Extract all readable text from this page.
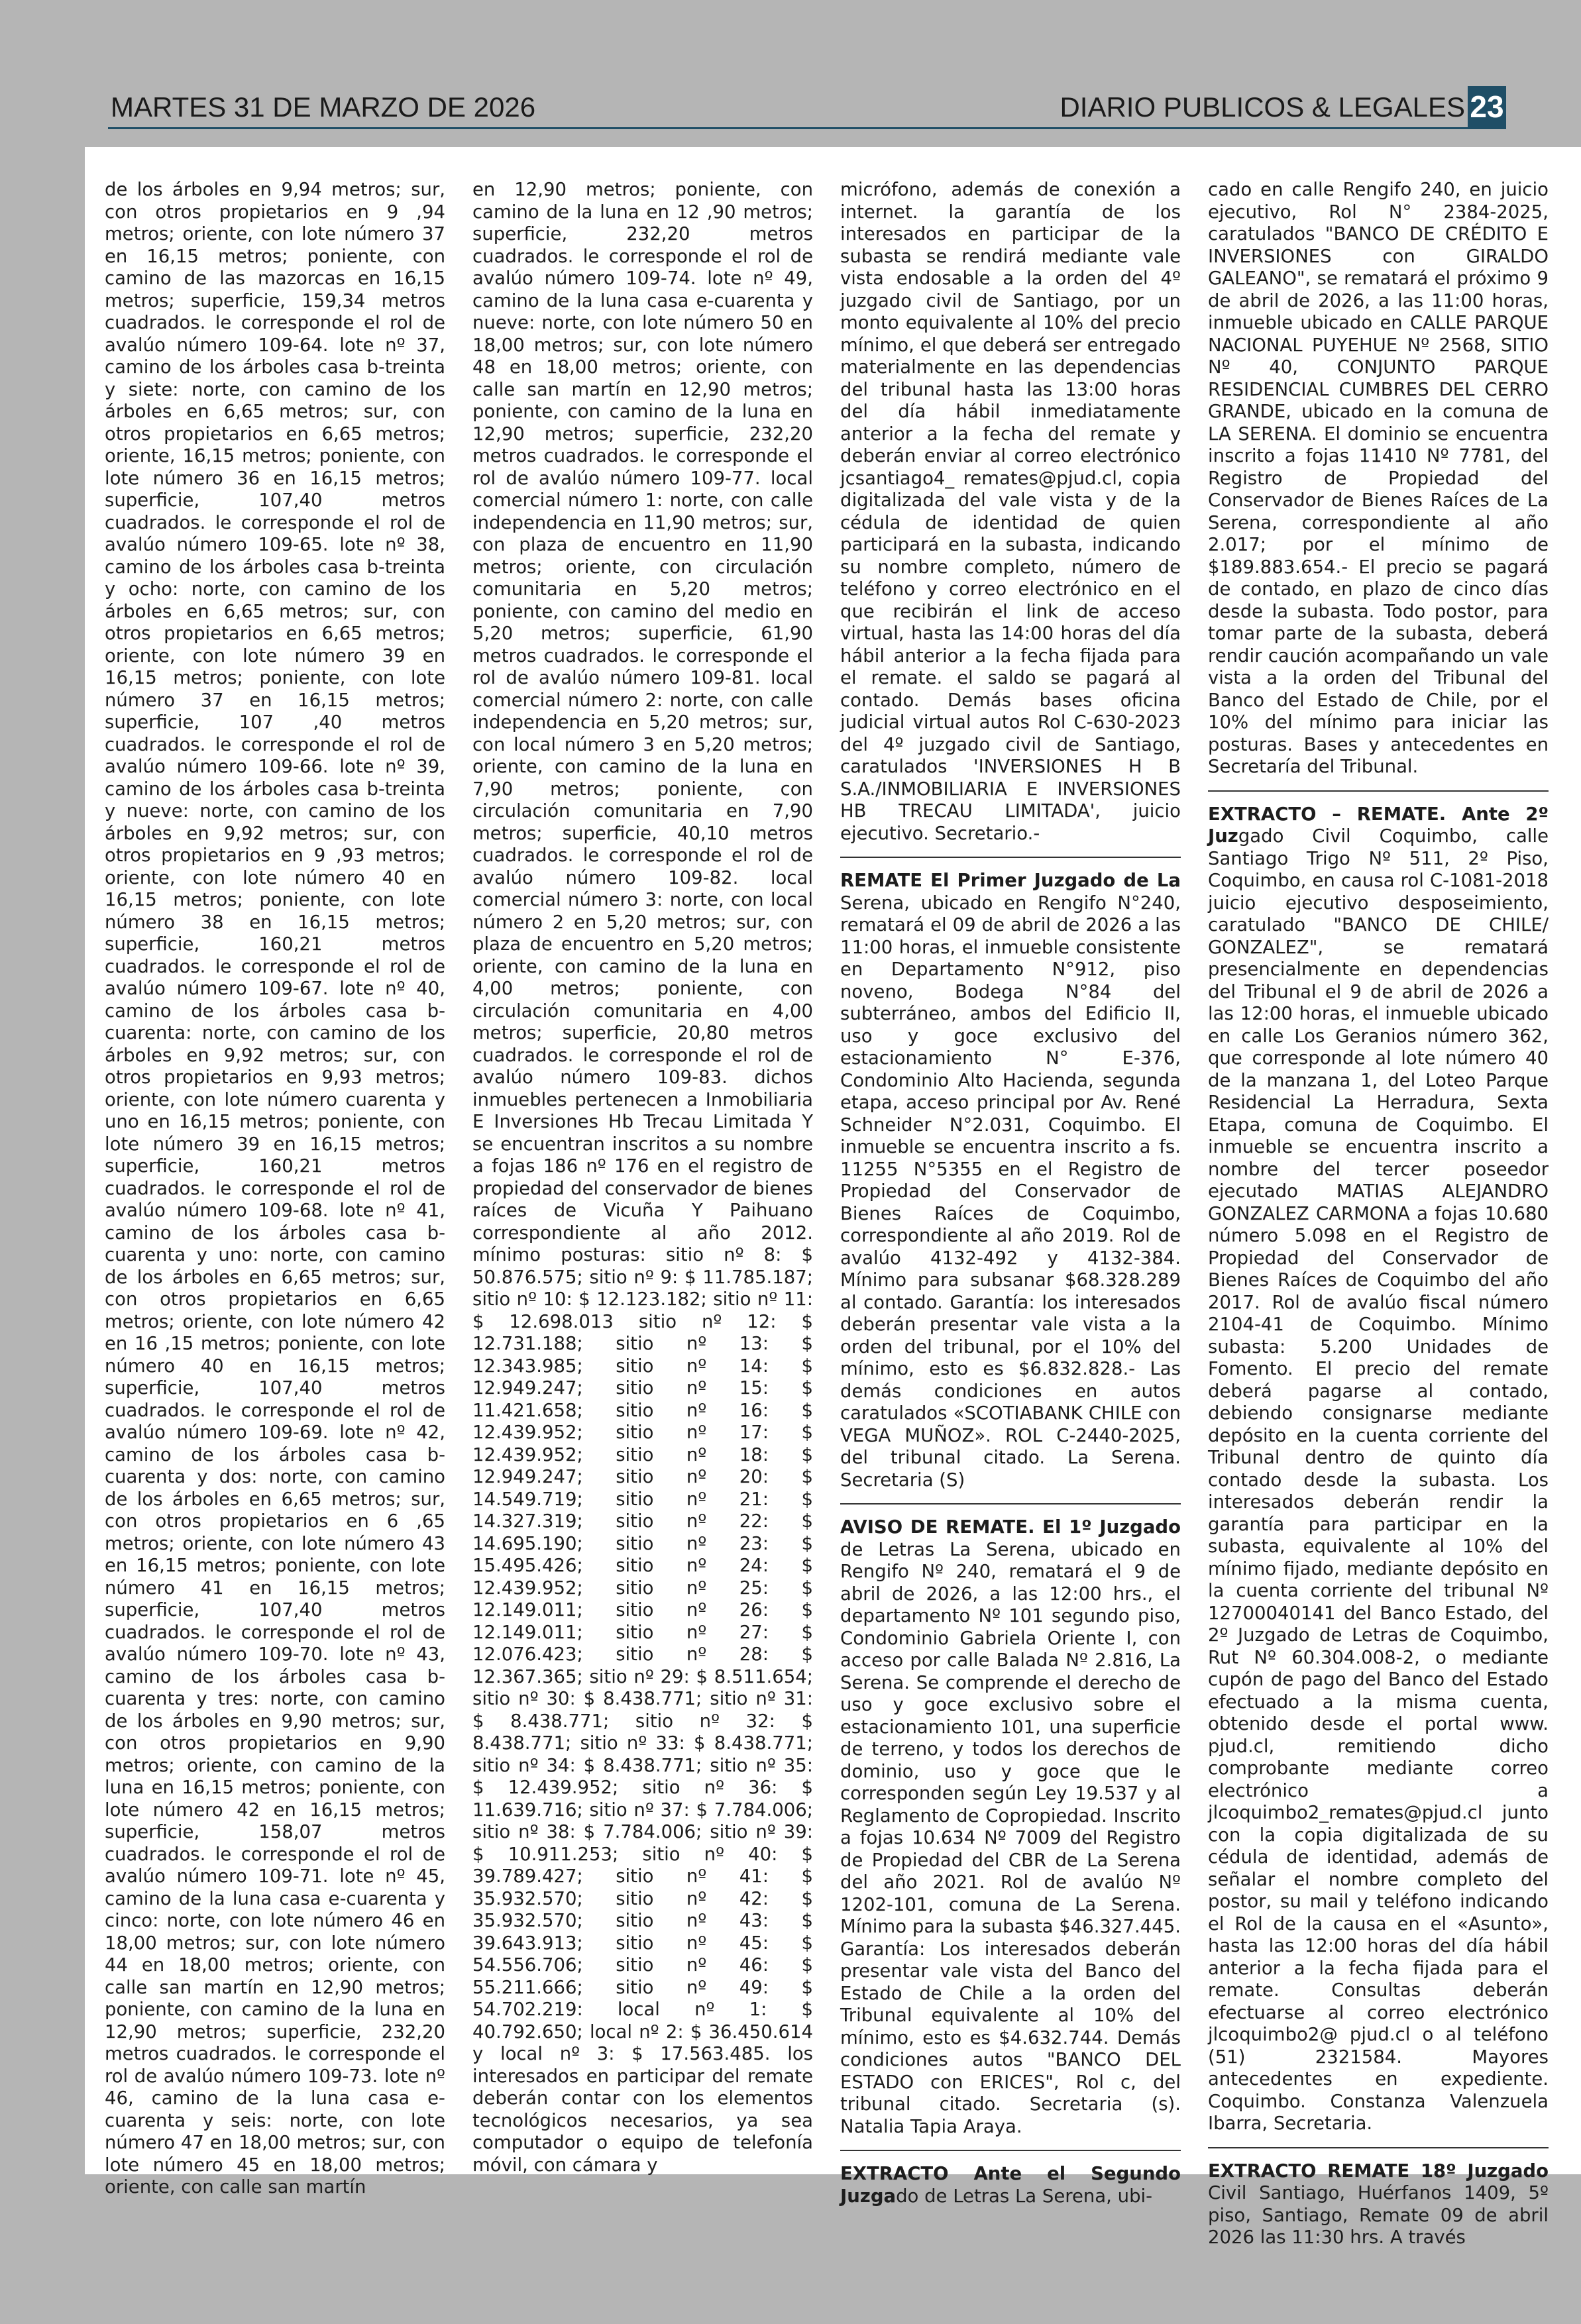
MARTES 31 DE MARZO DE 2026	DIARIO PUBLICOS & LEGALES 23

de los árboles en 9,94 metros; sur, con otros propietarios en 9 ,94 metros; oriente, con lote número 37 en 16,15 metros; poniente, con camino de las mazorcas en 16,15 metros; superficie, 159,34 metros cuadrados. le corresponde el rol de avalúo número 109-64. lote nº 37, camino de los árboles casa b-treinta y siete: norte, con camino de los árboles en 6,65 metros; sur, con otros propietarios en 6,65 metros; oriente, 16,15 metros; poniente, con lote número 36 en 16,15 metros; superficie, 107,40 metros cuadrados. le corresponde el rol de avalúo número 109-65. lote nº 38, camino de los árboles casa b-treinta y ocho: norte, con camino de los árboles en 6,65 metros; sur, con otros propietarios en 6,65 metros; oriente, con lote número 39 en 16,15 metros; poniente, con lote número 37 en 16,15 metros; superficie, 107 ,40 metros cuadrados. le corresponde el rol de avalúo número 109-66. lote nº 39, camino de los árboles casa b-treinta y nueve: norte, con camino de los árboles en 9,92 metros; sur, con otros propietarios en 9 ,93 metros; oriente, con lote número 40 en 16,15 metros; poniente, con lote número 38 en 16,15 metros; superficie, 160,21 metros cuadrados. le corresponde el rol de avalúo número 109-67. lote nº 40, camino de los árboles casa b-cuarenta: norte, con camino de los árboles en 9,92 metros; sur, con otros propietarios en 9,93 metros; oriente, con lote número cuarenta y uno en 16,15 metros; poniente, con lote número 39 en 16,15 metros; superficie, 160,21 metros cuadrados. le corresponde el rol de avalúo número 109-68. lote nº 41, camino de los árboles casa b-cuarenta y uno: norte, con camino de los árboles en 6,65 metros; sur, con otros propietarios en 6,65 metros; oriente, con lote número 42 en 16 ,15 metros; poniente, con lote número 40 en 16,15 metros; superficie, 107,40 metros cuadrados. le corresponde el rol de avalúo número 109-69. lote nº 42, camino de los árboles casa b-cuarenta y dos: norte, con camino de los árboles en 6,65 metros; sur, con otros propietarios en 6 ,65 metros; oriente, con lote número 43 en 16,15 metros; poniente, con lote número 41 en 16,15 metros; superficie, 107,40 metros cuadrados. le corresponde el rol de avalúo número 109-70. lote nº 43, camino de los árboles casa b-cuarenta y tres: norte, con camino de los árboles en 9,90 metros; sur, con otros propietarios en 9,90 metros; oriente, con camino de la luna en 16,15 metros; poniente, con lote número 42 en 16,15 metros; superficie, 158,07 metros cuadrados. le corresponde el rol de avalúo número 109-71. lote nº 45, camino de la luna casa e-cuarenta y cinco: norte, con lote número 46 en 18,00 metros; sur, con lote número 44 en 18,00 metros; oriente, con calle san martín en 12,90 metros; poniente, con camino de la luna en 12,90 metros; superficie, 232,20 metros cuadrados. le corresponde el rol de avalúo número 109-73. lote nº 46, camino de la luna casa e-cuarenta y seis: norte, con lote número 47 en 18,00 metros; sur, con lote número 45 en 18,00 metros; oriente, con calle san martín

en 12,90 metros; poniente, con camino de la luna en 12 ,90 metros; superficie, 232,20 metros cuadrados. le corresponde el rol de avalúo número 109-74. lote nº 49, camino de la luna casa e-cuarenta y nueve: norte, con lote número 50 en 18,00 metros; sur, con lote número 48 en 18,00 metros; oriente, con calle san martín en 12,90 metros; poniente, con camino de la luna en 12,90 metros; superficie, 232,20 metros cuadrados. le corresponde el rol de avalúo número 109-77. local comercial número 1: norte, con calle independencia en 11,90 metros; sur, con plaza de encuentro en 11,90 metros; oriente, con circulación comunitaria en 5,20 metros; poniente, con camino del medio en 5,20 metros; superficie, 61,90 metros cuadrados. le corresponde el rol de avalúo número 109-81. local comercial número 2: norte, con calle independencia en 5,20 metros; sur, con local número 3 en 5,20 metros; oriente, con camino de la luna en 7,90 metros; poniente, con circulación comunitaria en 7,90 metros; superficie, 40,10 metros cuadrados. le corresponde el rol de avalúo número 109-82. local comercial número 3: norte, con local número 2 en 5,20 metros; sur, con plaza de encuentro en 5,20 metros; oriente, con camino de la luna en 4,00 metros; poniente, con circulación comunitaria en 4,00 metros; superficie, 20,80 metros cuadrados. le corresponde el rol de avalúo número 109-83. dichos inmuebles pertenecen a Inmobiliaria E Inversiones Hb Trecau Limitada Y se encuentran inscritos a su nombre a fojas 186 nº 176 en el registro de propiedad del conservador de bienes raíces de Vicuña Y Paihuano correspondiente al año 2012. mínimo posturas: sitio nº 8: $ 50.876.575; sitio nº 9: $ 11.785.187; sitio nº 10: $ 12.123.182; sitio nº 11: $ 12.698.013 sitio nº 12: $ 12.731.188; sitio nº 13: $ 12.343.985; sitio nº 14: $ 12.949.247; sitio nº 15: $ 11.421.658; sitio nº 16: $ 12.439.952; sitio nº 17: $ 12.439.952; sitio nº 18: $ 12.949.247; sitio nº 20: $ 14.549.719; sitio nº 21: $ 14.327.319; sitio nº 22: $ 14.695.190; sitio nº 23: $ 15.495.426; sitio nº 24: $ 12.439.952; sitio nº 25: $ 12.149.011; sitio nº 26: $ 12.149.011; sitio nº 27: $ 12.076.423; sitio nº 28: $ 12.367.365; sitio nº 29: $ 8.511.654; sitio nº 30: $ 8.438.771; sitio nº 31: $ 8.438.771; sitio nº 32: $ 8.438.771; sitio nº 33: $ 8.438.771; sitio nº 34: $ 8.438.771; sitio nº 35: $ 12.439.952; sitio nº 36: $ 11.639.716; sitio nº 37: $ 7.784.006; sitio nº 38: $ 7.784.006; sitio nº 39: $ 10.911.253; sitio nº 40: $ 39.789.427; sitio nº 41: $ 35.932.570; sitio nº 42: $ 35.932.570; sitio nº 43: $ 39.643.913; sitio nº 45: $ 54.556.706; sitio nº 46: $ 55.211.666; sitio nº 49: $ 54.702.219: local nº 1: $ 40.792.650; local nº 2: $ 36.450.614 y local nº 3: $ 17.563.485. los interesados en participar del remate deberán contar con los elementos tecnológicos necesarios, ya sea computador o equipo de telefonía móvil, con cámara y

micrófono, además de conexión a internet. la garantía de los interesados en participar de la subasta se rendirá mediante vale vista endosable a la orden del 4º juzgado civil de Santiago, por un monto equivalente al 10% del precio mínimo, el que deberá ser entregado materialmente en las dependencias del tribunal hasta las 13:00 horas del día hábil inmediatamente anterior a la fecha del remate y deberán enviar al correo electrónico jcsantiago4_ remates@pjud.cl, copia digitalizada del vale vista y de la cédula de identidad de quien participará en la subasta, indicando su nombre completo, número de teléfono y correo electrónico en el que recibirán el link de acceso virtual, hasta las 14:00 horas del día hábil anterior a la fecha fijada para el remate. el saldo se pagará al contado. Demás bases oficina judicial virtual autos Rol C-630-2023 del 4º juzgado civil de Santiago, caratulados 'INVERSIONES H B S.A./INMOBILIARIA E INVERSIONES HB TRECAU LIMITADA', juicio ejecutivo. Secretario.-

REMATE El Primer Juzgado de La Serena, ubicado en Rengifo N°240, rematará el 09 de abril de 2026 a las 11:00 horas, el inmueble consistente en Departamento N°912, piso noveno, Bodega N°84 del subterráneo, ambos del Edificio II, uso y goce exclusivo del estacionamiento N° E-376, Condominio Alto Hacienda, segunda etapa, acceso principal por Av. René Schneider N°2.031, Coquimbo. El inmueble se encuentra inscrito a fs. 11255 N°5355 en el Registro de Propiedad del Conservador de Bienes Raíces de Coquimbo, correspondiente al año 2019. Rol de avalúo 4132-492 y 4132-384. Mínimo para subsanar $68.328.289 al contado. Garantía: los interesados deberán presentar vale vista a la orden del tribunal, por el 10% del mínimo, esto es $6.832.828.- Las demás condiciones en autos caratulados «SCOTIABANK CHILE con VEGA MUÑOZ». ROL C-2440-2025, del tribunal citado. La Serena. Secretaria (S)

AVISO DE REMATE. El 1º Juzgado de Letras La Serena, ubicado en Rengifo Nº 240, rematará el 9 de abril de 2026, a las 12:00 hrs., el departamento Nº 101 segundo piso, Condominio Gabriela Oriente I, con acceso por calle Balada Nº 2.816, La Serena. Se comprende el derecho de uso y goce exclusivo sobre el estacionamiento 101, una superficie de terreno, y todos los derechos de dominio, uso y goce que le corresponden según Ley 19.537 y al Reglamento de Copropiedad. Inscrito a fojas 10.634 Nº 7009 del Registro de Propiedad del CBR de La Serena del año 2021. Rol de avalúo Nº 1202-101, comuna de La Serena. Mínimo para la subasta $46.327.445. Garantía: Los interesados deberán presentar vale vista del Banco del Estado de Chile a la orden del Tribunal equivalente al 10% del mínimo, esto es $4.632.744. Demás condiciones autos "BANCO DEL ESTADO con ERICES", Rol c, del tribunal citado. Secretaria (s). Natalia Tapia Araya.

EXTRACTO Ante el Segundo Juzgado de Letras La Serena, ubi-

cado en calle Rengifo 240, en juicio ejecutivo, Rol N° 2384-2025, caratulados "BANCO DE CRÉDITO E INVERSIONES con GIRALDO GALEANO", se rematará el próximo 9 de abril de 2026, a las 11:00 horas, inmueble ubicado en CALLE PARQUE NACIONAL PUYEHUE Nº 2568, SITIO Nº 40, CONJUNTO PARQUE RESIDENCIAL CUMBRES DEL CERRO GRANDE, ubicado en la comuna de LA SERENA. El dominio se encuentra inscrito a fojas 11410 Nº 7781, del Registro de Propiedad del Conservador de Bienes Raíces de La Serena, correspondiente al año 2.017; por el mínimo de $189.883.654.- El precio se pagará de contado, en plazo de cinco días desde la subasta. Todo postor, para tomar parte de la subasta, deberá rendir caución acompañando un vale vista a la orden del Tribunal del Banco del Estado de Chile, por el 10% del mínimo para iniciar las posturas. Bases y antecedentes en Secretaría del Tribunal.

EXTRACTO – REMATE. Ante 2º Juzgado Civil Coquimbo, calle Santiago Trigo Nº 511, 2º Piso, Coquimbo, en causa rol C-1081-2018 juicio ejecutivo desposeimiento, caratulado "BANCO DE CHILE/ GONZALEZ", se rematará presencialmente en dependencias del Tribunal el 9 de abril de 2026 a las 12:00 horas, el inmueble ubicado en calle Los Geranios número 362, que corresponde al lote número 40 de la manzana 1, del Loteo Parque Residencial La Herradura, Sexta Etapa, comuna de Coquimbo. El inmueble se encuentra inscrito a nombre del tercer poseedor ejecutado MATIAS ALEJANDRO GONZALEZ CARMONA a fojas 10.680 número 5.098 en el Registro de Propiedad del Conservador de Bienes Raíces de Coquimbo del año 2017. Rol de avalúo fiscal número 2104-41 de Coquimbo. Mínimo subasta: 5.200 Unidades de Fomento. El precio del remate deberá pagarse al contado, debiendo consignarse mediante depósito en la cuenta corriente del Tribunal dentro de quinto día contado desde la subasta. Los interesados deberán rendir la garantía para participar en la subasta, equivalente al 10% del mínimo fijado, mediante depósito en la cuenta corriente del tribunal Nº 12700040141 del Banco Estado, del 2º Juzgado de Letras de Coquimbo, Rut Nº 60.304.008-2, o mediante cupón de pago del Banco del Estado efectuado a la misma cuenta, obtenido desde el portal www. pjud.cl, remitiendo dicho comprobante mediante correo electrónico a jlcoquimbo2_remates@pjud.cl junto con la copia digitalizada de su cédula de identidad, además de señalar el nombre completo del postor, su mail y teléfono indicando el Rol de la causa en el «Asunto», hasta las 12:00 horas del día hábil anterior a la fecha fijada para el remate. Consultas deberán efectuarse al correo electrónico jlcoquimbo2@ pjud.cl o al teléfono (51) 2321584. Mayores antecedentes en expediente. Coquimbo. Constanza Valenzuela Ibarra, Secretaria.

EXTRACTO REMATE 18º Juzgado Civil Santiago, Huérfanos 1409, 5º piso, Santiago, Remate 09 de abril 2026 las 11:30 hrs. A través
